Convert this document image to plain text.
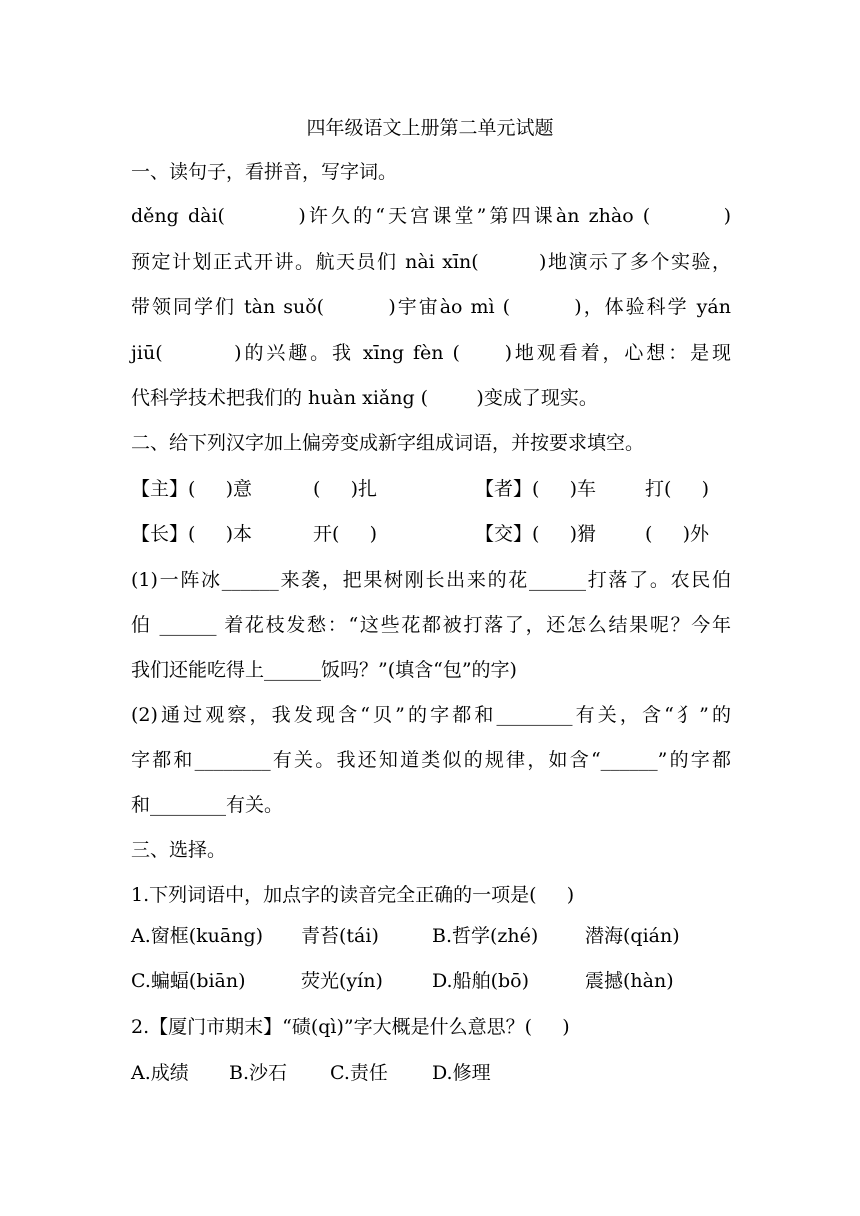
四年级语文上册第二单元试题
一、读句子，看拼音，写字词。
děng dài(        )许久的“天宫课堂”第四课àn zhào (        )
预定计划正式开讲。航天员们 nài xīn(        )地演示了多个实验，
带领同学们 tàn suǒ(        )宇宙ào mì (        )，体验科学 yán
jiū(        )的兴趣。我 xīng fèn (     )地观看着，心想：是现
代科学技术把我们的 huàn xiǎng (        )变成了现实。
二、给下列汉字加上偏旁变成新字组成词语，并按要求填空。
【主】(     )意	(     )扎	【者】(     )车	打(     )
【长】(     )本	开(     )	【交】(     )猾	(     )外
(1)一阵冰______来袭，把果树刚长出来的花______打落了。农民伯
伯 ______ 着花枝发愁：“这些花都被打落了，还怎么结果呢？今年
我们还能吃得上______饭吗？”(填含“包”的字)
(2)通过观察，我发现含“贝”的字都和________有关，含“犭”的
字都和________有关。我还知道类似的规律，如含“______”的字都
和________有关。
三、选择。
1.下列词语中，加点字的读音完全正确的一项是(     )
A.窗框(kuāng)	青苔(tái)	B.哲学(zhé)	潜海(qián)
C.蝙蝠(biān)	荧光(yín)	D.船舶(bō)	震撼(hàn)
2.【厦门市期末】“碛(qì)”字大概是什么意思？(     )
A.成绩	B.沙石	C.责任	D.修理
